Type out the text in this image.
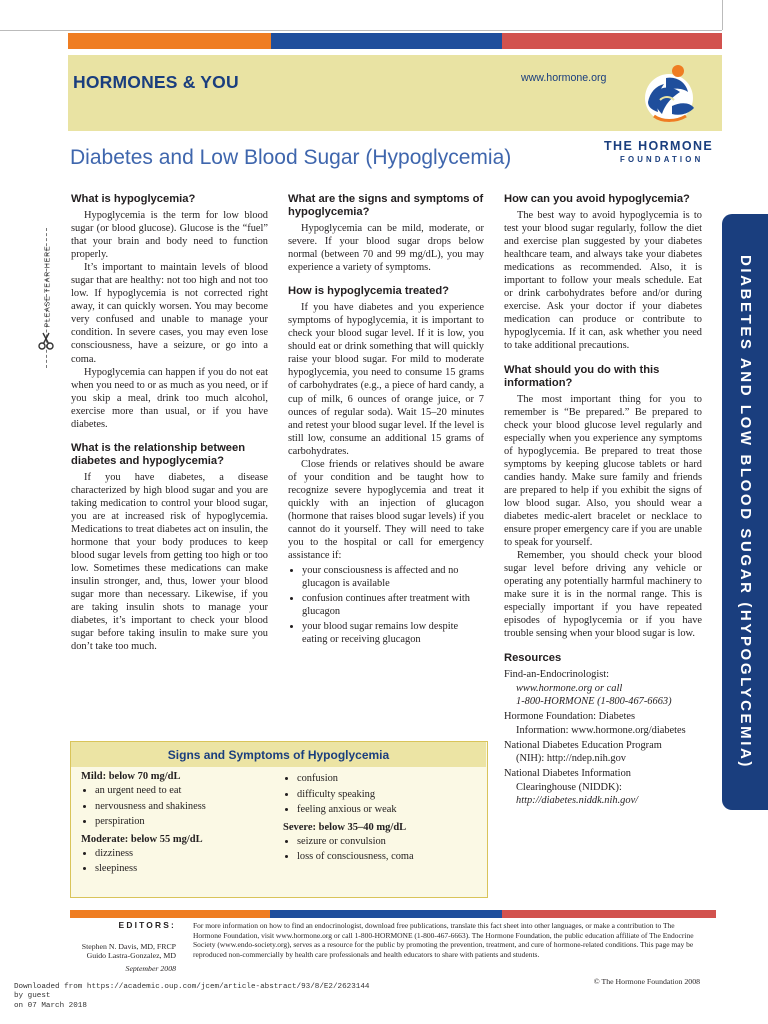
HORMONES & YOU	www.hormone.org
THE HORMONE
FOUNDATION
Diabetes and Low Blood Sugar (Hypoglycemia)
PLEASE TEAR HERE	DIABETES AND LOW BLOOD SUGAR (HYPOGLYCEMIA)
What is hypoglycemia?

Hypoglycemia is the term for low blood sugar (or blood glucose). Glucose is the “fuel” that your brain and body need to function properly.

It’s important to maintain levels of blood sugar that are healthy: not too high and not too low. If hypoglycemia is not corrected right away, it can quickly worsen. You may become very confused and unable to manage your condition. In severe cases, you may even lose consciousness, have a seizure, or go into a coma.

Hypoglycemia can happen if you do not eat when you need to or as much as you need, or if you skip a meal, drink too much alcohol, exercise more than usual, or if you have diabetes.

What is the relationship between diabetes and hypoglycemia?

If you have diabetes, a disease characterized by high blood sugar and you are taking medication to control your blood sugar, you are at increased risk of hypoglycemia. Medications to treat diabetes act on insulin, the hormone that your body produces to keep blood sugar levels from getting too high or too low. Sometimes these medications can make insulin stronger, and, thus, lower your blood sugar more than necessary. Likewise, if you are taking insulin shots to manage your diabetes, it’s important to check your blood sugar before taking insulin to make sure you don’t take too much.

What are the signs and symptoms of hypoglycemia?

Hypoglycemia can be mild, moderate, or severe. If your blood sugar drops below normal (between 70 and 99 mg/dL), you may experience a variety of symptoms.

How is hypoglycemia treated?

If you have diabetes and you experience symptoms of hypoglycemia, it is important to check your blood sugar level. If it is low, you should eat or drink something that will quickly raise your blood sugar. For mild to moderate hypoglycemia, you need to consume 15 grams of carbohydrates (e.g., a piece of hard candy, a cup of milk, 6 ounces of orange juice, or 7 ounces of regular soda). Wait 15–20 minutes and retest your blood sugar level. If the level is still low, consume an additional 15 grams of carbohydrates.

Close friends or relatives should be aware of your condition and be taught how to recognize severe hypoglycemia and treat it quickly with an injection of glucagon (hormone that raises blood sugar levels) if you cannot do it yourself. They will need to take you to the hospital or call for emergency assistance if:

• your consciousness is affected and no glucagon is available
• confusion continues after treatment with glucagon
• your blood sugar remains low despite eating or receiving glucagon
How can you avoid hypoglycemia?

The best way to avoid hypoglycemia is to test your blood sugar regularly, follow the diet and exercise plan suggested by your diabetes healthcare team, and always take your diabetes medications as recommended. Also, it is important to follow your meals schedule. Eat or drink carbohydrates before and/or during exercise. Ask your doctor if your diabetes medication can produce or contribute to hypoglycemia. If it can, ask whether you need to take additional precautions.

What should you do with this information?

The most important thing for you to remember is “Be prepared.” Be prepared to check your blood glucose level regularly and especially when you experience any symptoms of hypoglycemia. Be prepared to treat those symptoms by keeping glucose tablets or hard candies handy. Make sure family and friends are prepared to help if you exhibit the signs of low blood sugar. Also, you should wear a diabetes medic-alert bracelet or necklace to ensure proper emergency care if you are unable to speak for yourself.

Remember, you should check your blood sugar level before driving any vehicle or operating any potentially harmful machinery to make sure it is in the normal range. This is especially important if you have repeated episodes of hypoglycemia or if you have trouble sensing when your blood sugar is low.

Resources
Find-an-Endocrinologist:
www.hormone.org or call
1-800-HORMONE (1-800-467-6663)
Hormone Foundation: Diabetes
Information: www.hormone.org/diabetes
National Diabetes Education Program
(NIH): http://ndep.nih.gov
National Diabetes Information
Clearinghouse (NIDDK):
http://diabetes.niddk.nih.gov/
Signs and Symptoms of Hypoglycemia

Mild: below 70 mg/dL

• an urgent need to eat
• nervousness and shakiness
• perspiration

Moderate: below 55 mg/dL

• dizziness
• sleepiness
• confusion
• difficulty speaking
• feeling anxious or weak

Severe: below 35–40 mg/dL

• seizure or convulsion
• loss of consciousness, coma
EDITORS:
Stephen N. Davis, MD, FRCP
Guido Lastra-Gonzalez, MD
September 2008
For more information on how to find an endocrinologist, download free publications, translate this fact sheet into other languages, or make a contribution to The Hormone Foundation, visit www.hormone.org or call 1-800-HORMONE (1-800-467-6663). The Hormone Foundation, the public education affiliate of The Endocrine Society (www.endo-society.org), serves as a resource for the public by promoting the prevention, treatment, and cure of hormone-related conditions. This page may be reproduced non-commercially by health care professionals and health educators to share with patients and students.
© The Hormone Foundation 2008
Downloaded from https://academic.oup.com/jcem/article-abstract/93/8/E2/2623144
by guest
on 07 March 2018
